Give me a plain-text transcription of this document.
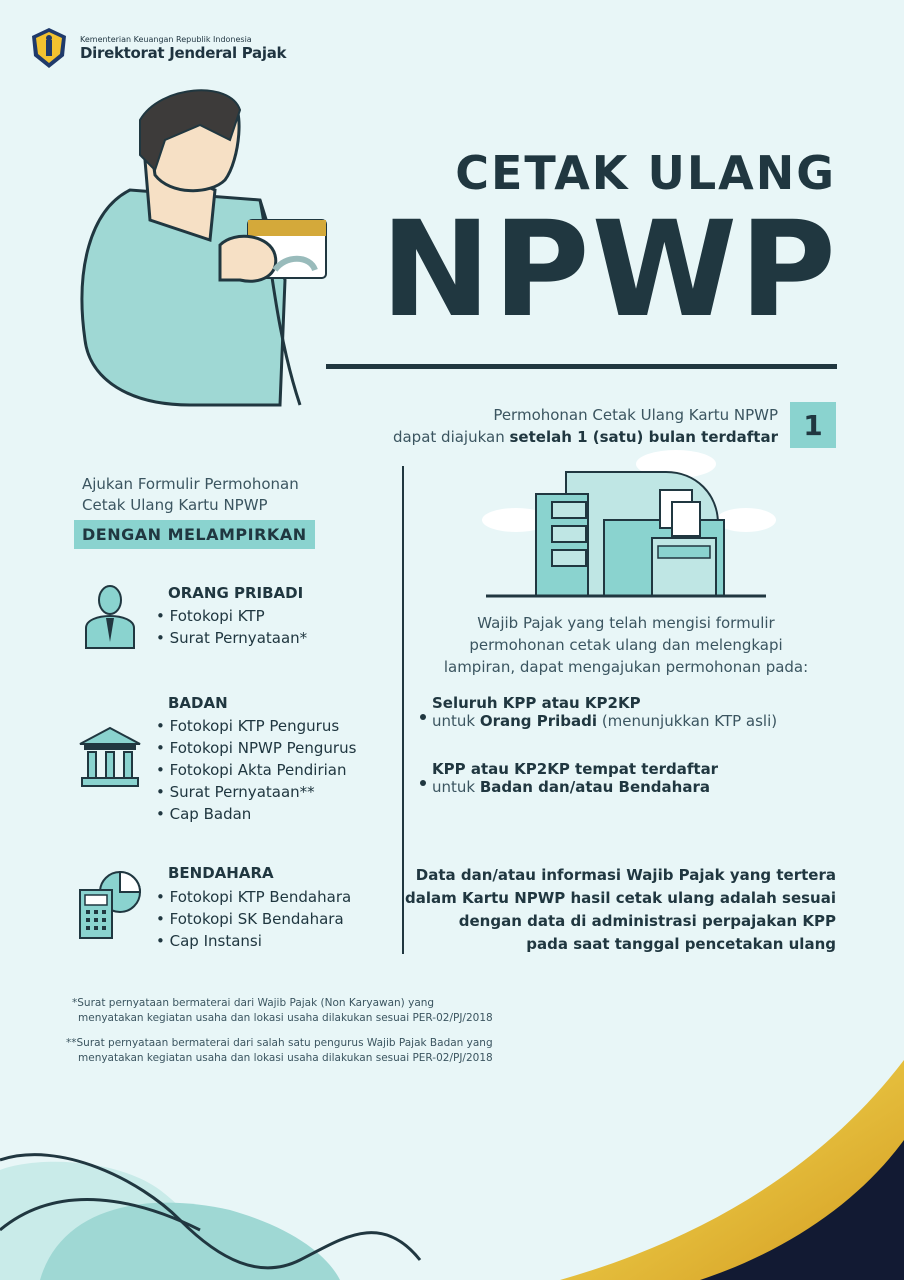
Kementerian Keuangan Republik Indonesia
Direktorat Jenderal Pajak
CETAK ULANG
NPWP
Permohonan Cetak Ulang Kartu NPWP
dapat diajukan setelah 1 (satu) bulan terdaftar 1
Ajukan Formulir Permohonan
Cetak Ulang Kartu NPWP
DENGAN MELAMPIRKAN
ORANG PRIBADI
• Fotokopi KTP
• Surat Pernyataan*
BADAN
• Fotokopi KTP Pengurus
• Fotokopi NPWP Pengurus
• Fotokopi Akta Pendirian
• Surat Pernyataan**
• Cap Badan
BENDAHARA
• Fotokopi KTP Bendahara
• Fotokopi SK Bendahara
• Cap Instansi
Wajib Pajak yang telah mengisi formulir
permohonan cetak ulang dan melengkapi
lampiran, dapat mengajukan permohonan pada:
Seluruh KPP atau KP2KP
untuk Orang Pribadi (menunjukkan KTP asli)
KPP atau KP2KP tempat terdaftar
untuk Badan dan/atau Bendahara
Data dan/atau informasi Wajib Pajak yang tertera
dalam Kartu NPWP hasil cetak ulang adalah sesuai
dengan data di administrasi perpajakan KPP
pada saat tanggal pencetakan ulang
*Surat pernyataan bermaterai dari Wajib Pajak (Non Karyawan) yang
menyatakan kegiatan usaha dan lokasi usaha dilakukan sesuai PER-02/PJ/2018
**Surat pernyataan bermaterai dari salah satu pengurus Wajib Pajak Badan yang
menyatakan kegiatan usaha dan lokasi usaha dilakukan sesuai PER-02/PJ/2018
